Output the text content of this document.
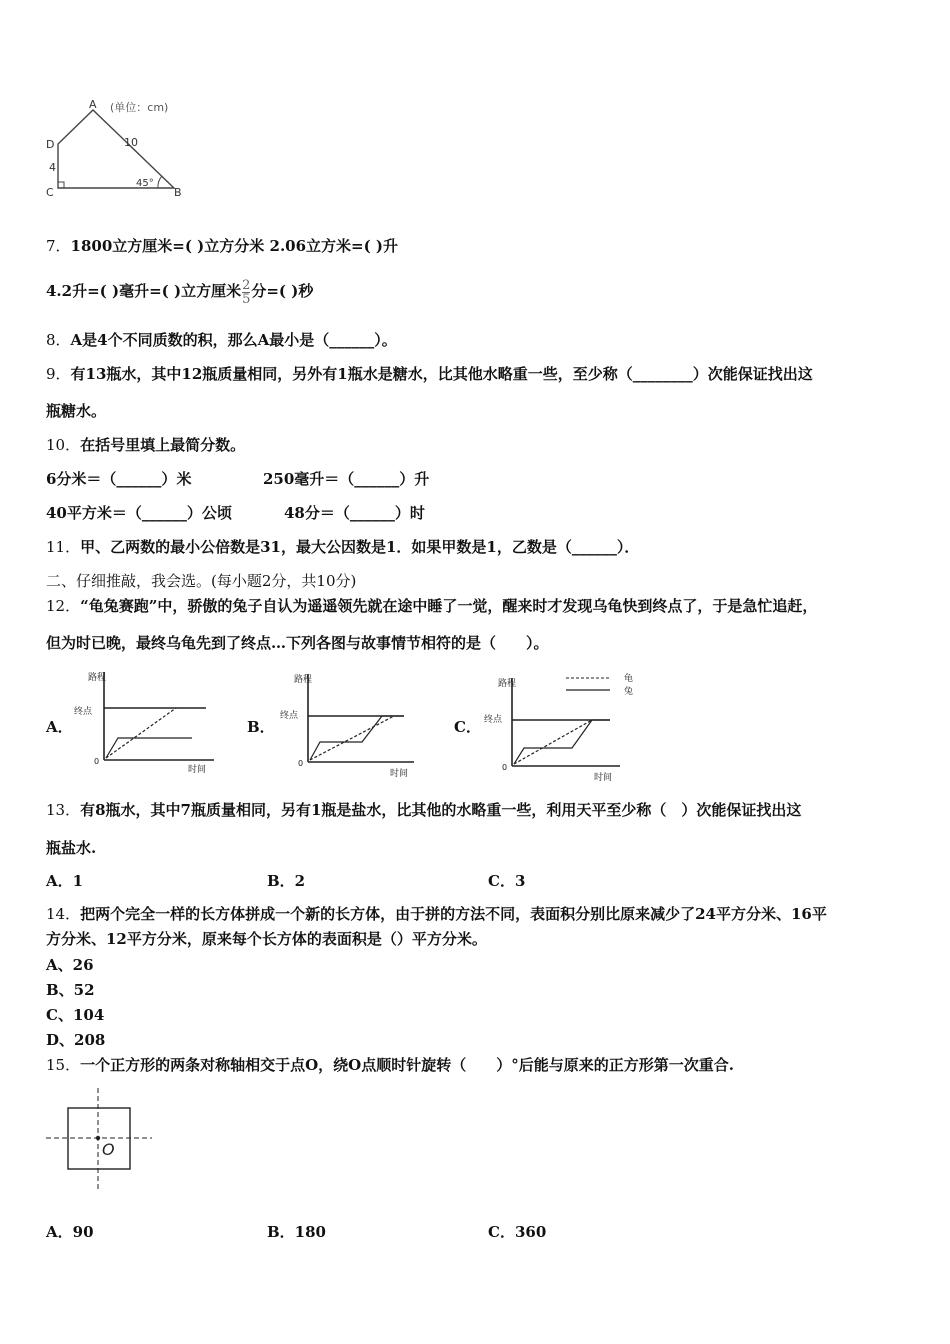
A (单位：cm)
D
4
10
C
45°
B
7．1800立方厘米=( )立方分米 2.06立方米=( )升
4.2升=( )毫升=( )立方厘米 $\frac{2}{5}$ 分=( )秒
8．A是4个不同质数的积，那么A最小是（______）。
9．有13瓶水，其中12瓶质量相同，另外有1瓶水是糖水，比其他水略重一些，至少称（________）次能保证找出这
瓶糖水。
10．在括号里填上最简分数。
6分米＝（______）米	250毫升＝（______）升
40平方米＝（______）公顷	48分＝（______）时
11．甲、乙两数的最小公倍数是31，最大公因数是1．如果甲数是1，乙数是（______）．
二、仔细推敲，我会选。(每小题2分，共10分)
12．“龟兔赛跑”中，骄傲的兔子自认为遥遥领先就在途中睡了一觉，醒来时才发现乌龟快到终点了，于是急忙追赶，
但为时已晚，最终乌龟先到了终点…下列各图与故事情节相符的是（　　）。
A．	B．	C．
路程
时间
0
终点
路程
时间
0
终点
路程
时间
0
终点
龟
兔
13．有8瓶水，其中7瓶质量相同，另有1瓶是盐水，比其他的水略重一些，利用天平至少称（　）次能保证找出这
瓶盐水.
A．1	B．2	C．3
14．把两个完全一样的长方体拼成一个新的长方体，由于拼的方法不同，表面积分别比原来减少了24平方分米、16平
方分米、12平方分米，原来每个长方体的表面积是（）平方分米。
A、26
B、52
C、104
D、208
15．一个正方形的两条对称轴相交于点O，绕O点顺时针旋转（　　）°后能与原来的正方形第一次重合.
O
A．90	B．180	C．360
